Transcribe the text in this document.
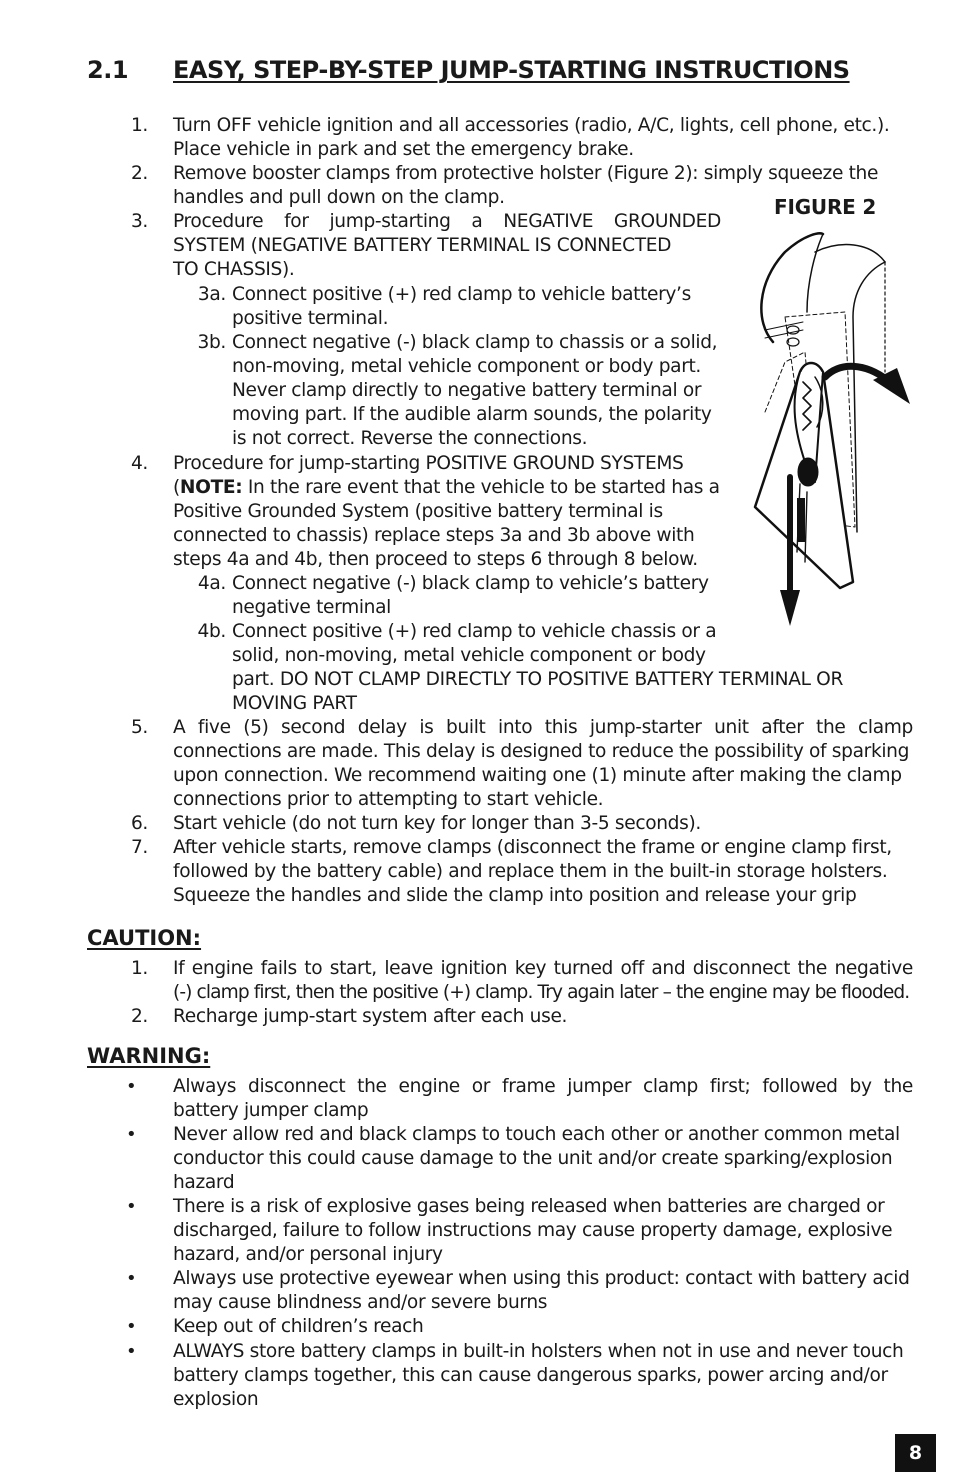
2.1 EASY, STEP-BY-STEP JUMP-STARTING INSTRUCTIONS
1. Turn OFF vehicle ignition and all accessories (radio, A/C, lights, cell phone, etc.).
Place vehicle in park and set the emergency brake.
2. Remove booster clamps from protective holster (Figure 2): simply squeeze the
handles and pull down on the clamp.	FIGURE 2
3. Procedure for jump-starting a NEGATIVE GROUNDED
SYSTEM (NEGATIVE BATTERY TERMINAL IS CONNECTED
TO CHASSIS).
3a. Connect positive (+) red clamp to vehicle battery’s
positive terminal.
3b. Connect negative (-) black clamp to chassis or a solid,
non-moving, metal vehicle component or body part.
Never clamp directly to negative battery terminal or
moving part. If the audible alarm sounds, the polarity
is not correct. Reverse the connections.
4. Procedure for jump-starting POSITIVE GROUND SYSTEMS
(NOTE: In the rare event that the vehicle to be started has a
Positive Grounded System (positive battery terminal is
connected to chassis) replace steps 3a and 3b above with
steps 4a and 4b, then proceed to steps 6 through 8 below.
4a. Connect negative (-) black clamp to vehicle’s battery
negative terminal
4b. Connect positive (+) red clamp to vehicle chassis or a
solid, non-moving, metal vehicle component or body
part. DO NOT CLAMP DIRECTLY TO POSITIVE BATTERY TERMINAL OR
MOVING PART
5. A five (5) second delay is built into this jump-starter unit after the clamp
connections are made. This delay is designed to reduce the possibility of sparking
upon connection. We recommend waiting one (1) minute after making the clamp
connections prior to attempting to start vehicle.
6. Start vehicle (do not turn key for longer than 3-5 seconds).
7. After vehicle starts, remove clamps (disconnect the frame or engine clamp first,
followed by the battery cable) and replace them in the built-in storage holsters.
Squeeze the handles and slide the clamp into position and release your grip
CAUTION:
1. If engine fails to start, leave ignition key turned off and disconnect the negative
(-) clamp first, then the positive (+) clamp. Try again later – the engine may be flooded.
2. Recharge jump-start system after each use.
WARNING:
•	Always disconnect the engine or frame jumper clamp first; followed by the
battery jumper clamp
•	Never allow red and black clamps to touch each other or another common metal
conductor this could cause damage to the unit and/or create sparking/explosion
hazard
•	There is a risk of explosive gases being released when batteries are charged or
discharged, failure to follow instructions may cause property damage, explosive
hazard, and/or personal injury
•	Always use protective eyewear when using this product: contact with battery acid
may cause blindness and/or severe burns
•	Keep out of children’s reach
•	ALWAYS store battery clamps in built-in holsters when not in use and never touch
battery clamps together, this can cause dangerous sparks, power arcing and/or
explosion
8
